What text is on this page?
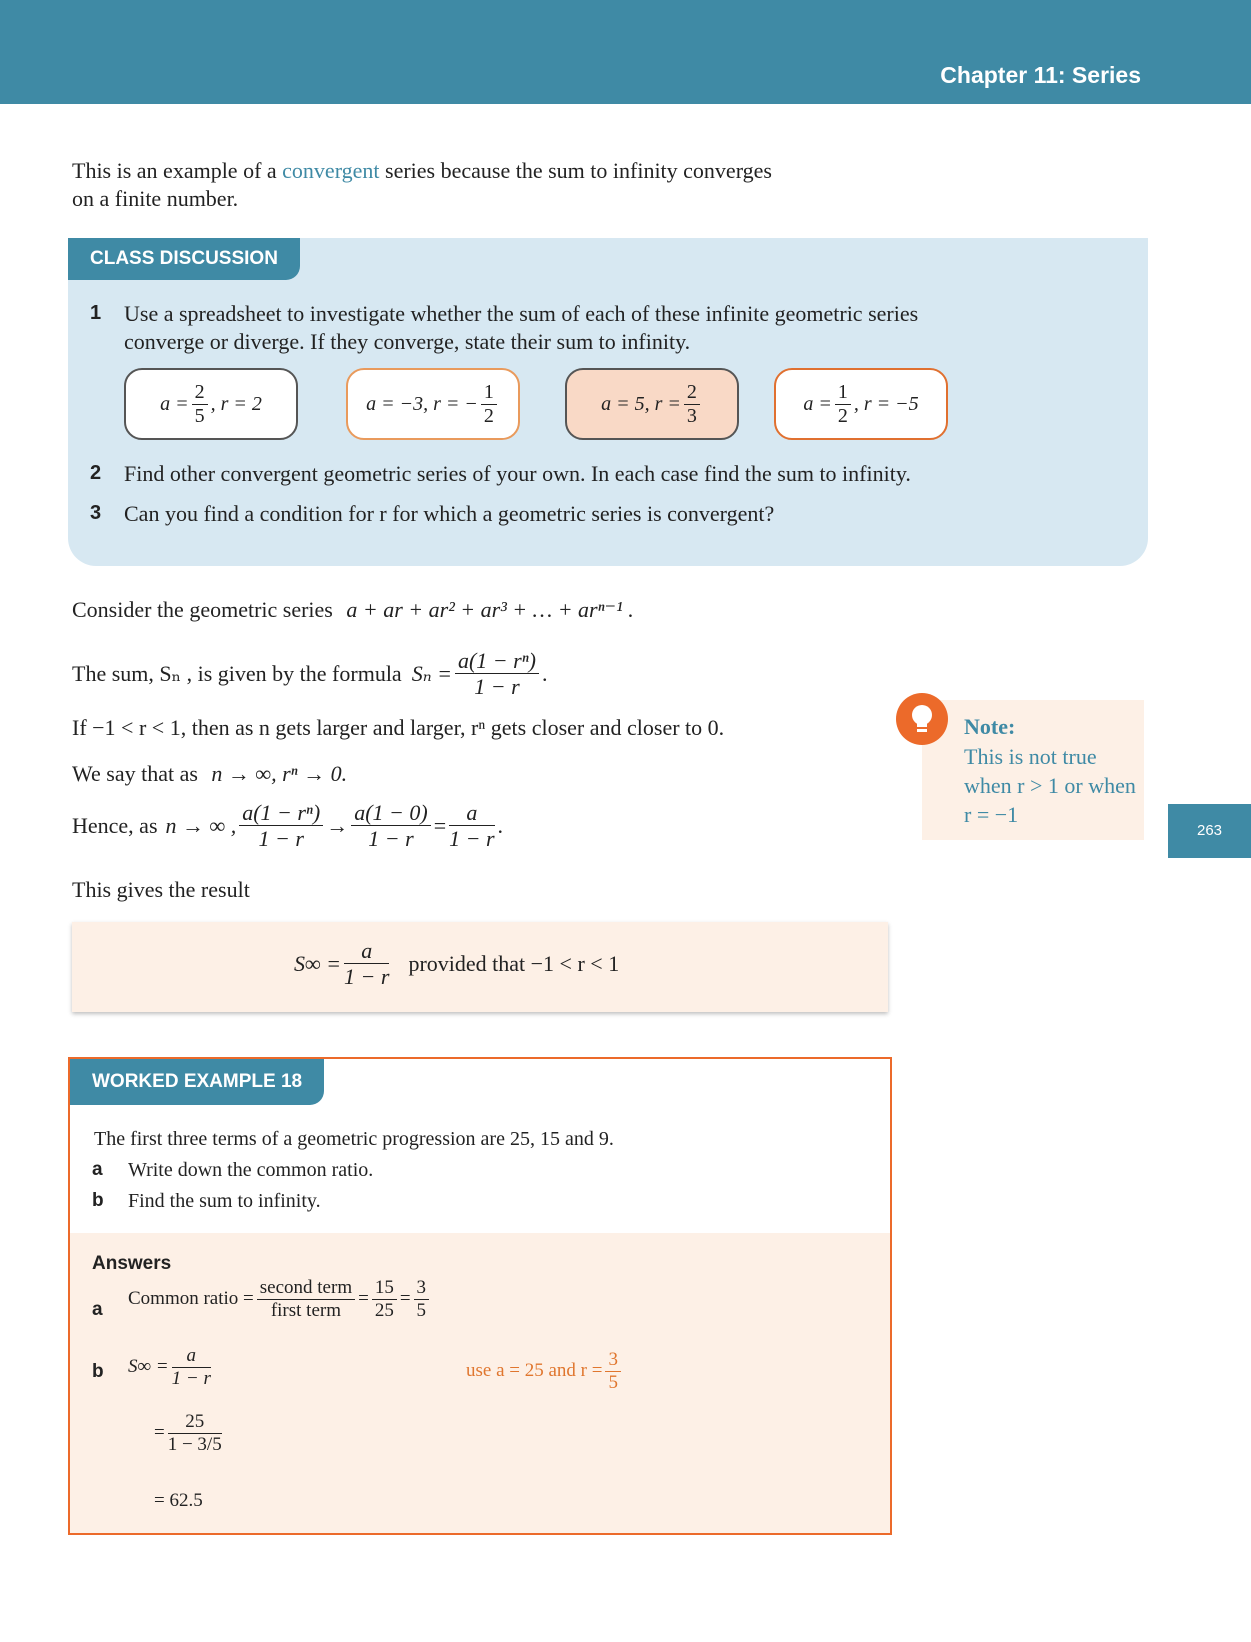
Chapter 11: Series
This is an example of a convergent series because the sum to infinity converges
on a finite number.
CLASS DISCUSSION
1 Use a spreadsheet to investigate whether the sum of each of these infinite geometric series
converge or diverge. If they converge, state their sum to infinity.
$a = \frac{2}{5}$ , r = 2	a = −3, r = − $\frac{1}{2}$	a = 5, $r = \frac{2}{3}$	$a = \frac{1}{2}$ , r = −5
2 Find other convergent geometric series of your own. In each case find the sum to infinity.
3 Can you find a condition for r for which a geometric series is convergent?
Consider the geometric series a + ar + ar² + ar³ + … + arⁿ⁻¹ .
The sum, Sₙ , is given by the formula $S_n = \frac{\text{a(1 − rⁿ)}}{1 - r}$ .
If −1 < r < 1, then as n gets larger and larger, rⁿ gets closer and closer to 0.
We say that as n → ∞, rⁿ → 0.
Hence, as n → ∞ , $\frac{\text{a(1 − rⁿ)}}{1 - r} \to \frac{a(1 - 0)}{1 - r} = \frac{a}{1 - r}$ .
This gives the result
$S\infty = \frac{a}{1 - r}$ provided that −1 < r < 1
Note:
This is not true when r > 1 or when r = −1
263
WORKED EXAMPLE 18
The first three terms of a geometric progression are 25, 15 and 9.
a Write down the common ratio.
b Find the sum to infinity.
Answers
a
Common ratio = $\frac{\text{second term}}{\text{first term}} = \frac{15}{25} = \frac{3}{5}$
b $S\infty = \frac{a}{1 - r}$	use a = 25 and $r = \frac{3}{5}$
= $\frac{25}{1 - 3/5}$
= 62.5
